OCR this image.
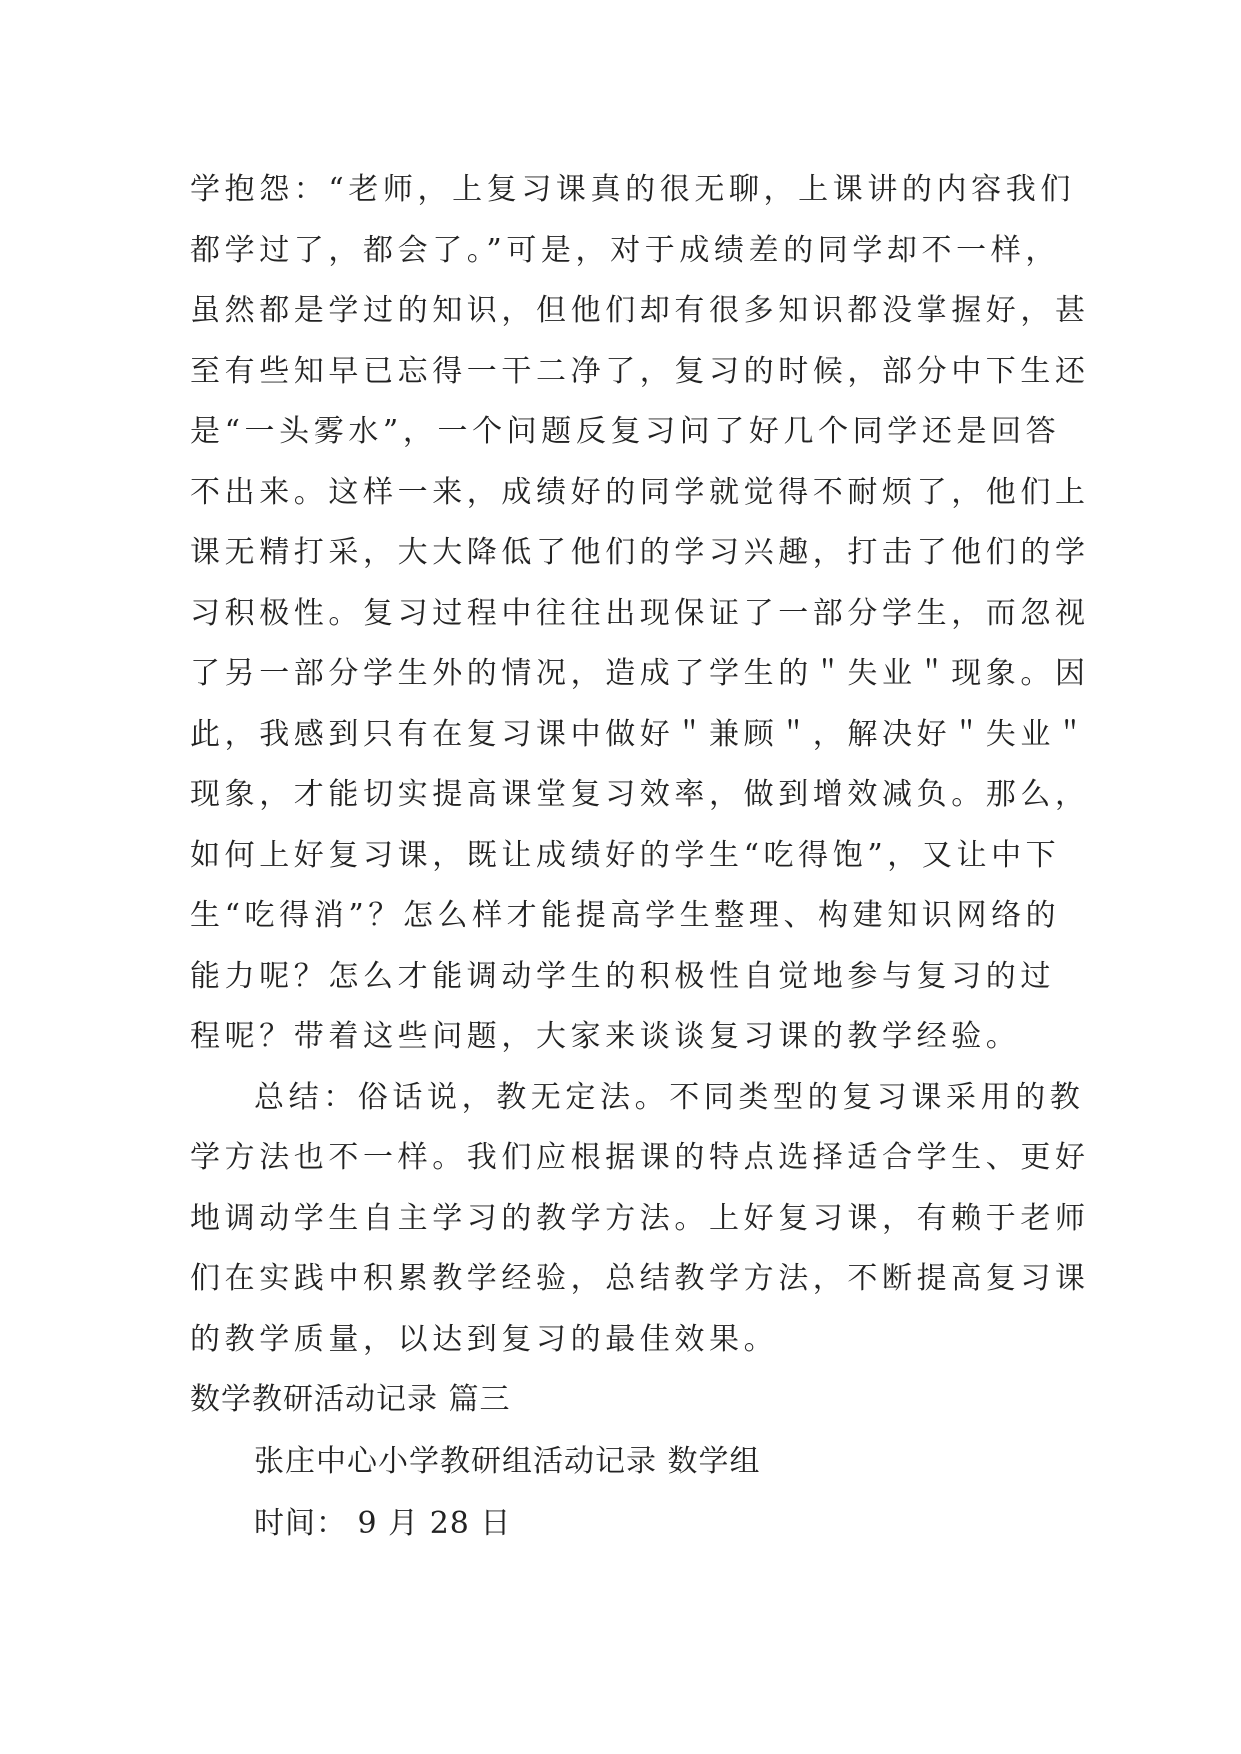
学抱怨：“老师，上复习课真的很无聊，上课讲的内容我们
都学过了，都会了。”可是，对于成绩差的同学却不一样，
虽然都是学过的知识，但他们却有很多知识都没掌握好，甚
至有些知早已忘得一干二净了，复习的时候，部分中下生还
是“一头雾水”，一个问题反复习问了好几个同学还是回答
不出来。这样一来，成绩好的同学就觉得不耐烦了，他们上
课无精打采，大大降低了他们的学习兴趣，打击了他们的学
习积极性。复习过程中往往出现保证了一部分学生，而忽视
了另一部分学生外的情况，造成了学生的＂失业＂现象。因
此，我感到只有在复习课中做好＂兼顾＂，解决好＂失业＂
现象，才能切实提高课堂复习效率，做到增效减负。那么，
如何上好复习课，既让成绩好的学生“吃得饱”，又让中下
生“吃得消”？怎么样才能提高学生整理、构建知识网络的
能力呢？怎么才能调动学生的积极性自觉地参与复习的过
程呢？带着这些问题，大家来谈谈复习课的教学经验。
总结：俗话说，教无定法。不同类型的复习课采用的教
学方法也不一样。我们应根据课的特点选择适合学生、更好
地调动学生自主学习的教学方法。上好复习课，有赖于老师
们在实践中积累教学经验，总结教学方法，不断提高复习课
的教学质量，以达到复习的最佳效果。
数学教研活动记录 篇三
张庄中心小学教研组活动记录 数学组
时间： 9 月 28 日
